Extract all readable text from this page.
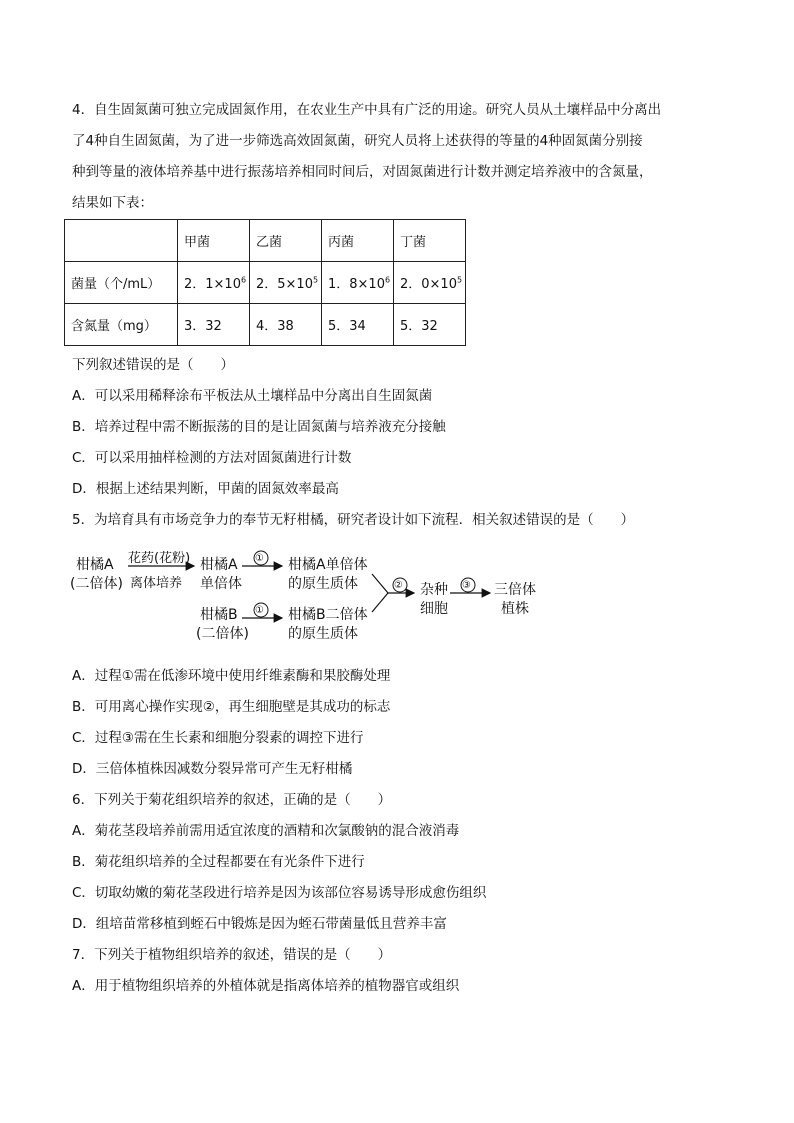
4．自生固氮菌可独立完成固氮作用，在农业生产中具有广泛的用途。研究人员从土壤样品中分离出
了4种自生固氮菌，为了进一步筛选高效固氮菌，研究人员将上述获得的等量的4种固氮菌分别接
种到等量的液体培养基中进行振荡培养相同时间后，对固氮菌进行计数并测定培养液中的含氮量，
结果如下表：
	甲菌	乙菌	丙菌	丁菌
菌量（个/mL）	2．$1\times 10^6$	2．$5\times 10^5$	1．$8\times 10^6$	2．$0\times 10^5$
含氮量（mg）	3．32	4．38	5．34	5．32
下列叙述错误的是（　　）
A．可以采用稀释涂布平板法从土壤样品中分离出自生固氮菌
B．培养过程中需不断振荡的目的是让固氮菌与培养液充分接触
C．可以采用抽样检测的方法对固氮菌进行计数
D．根据上述结果判断，甲菌的固氮效率最高
5．为培育具有市场竞争力的奉节无籽柑橘，研究者设计如下流程．相关叙述错误的是（　　）
柑橘A
(二倍体)
花药(花粉)
离体培养
柑橘A
单倍体
① 柑橘A单倍体
的原生质体
柑橘B
(二倍体)
① 柑橘B二倍体
的原生质体
② 杂种
细胞
③ 三倍体
植株
A．过程①需在低渗环境中使用纤维素酶和果胶酶处理
B．可用离心操作实现②，再生细胞壁是其成功的标志
C．过程③需在生长素和细胞分裂素的调控下进行
D．三倍体植株因减数分裂异常可产生无籽柑橘
6．下列关于菊花组织培养的叙述，正确的是（　　）
A．菊花茎段培养前需用适宜浓度的酒精和次氯酸钠的混合液消毒
B．菊花组织培养的全过程都要在有光条件下进行
C．切取幼嫩的菊花茎段进行培养是因为该部位容易诱导形成愈伤组织
D．组培苗常移植到蛭石中锻炼是因为蛭石带菌量低且营养丰富
7．下列关于植物组织培养的叙述，错误的是（　　）
A．用于植物组织培养的外植体就是指离体培养的植物器官或组织
